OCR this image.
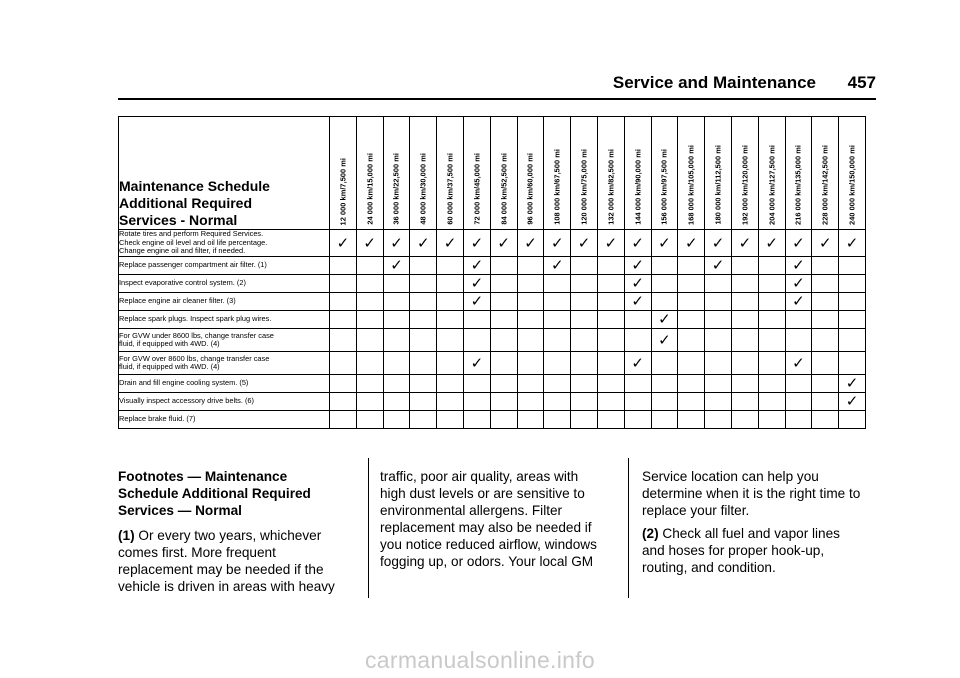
Service and Maintenance	457
Maintenance Schedule
Additional Required
Services - Normal	12 000 km/7,500 mi	24 000 km/15,000 mi	36 000 km/22,500 mi	48 000 km/30,000 mi	60 000 km/37,500 mi	72 000 km/45,000 mi	84 000 km/52,500 mi	96 000 km/60,000 mi	108 000 km/67,500 mi	120 000 km/75,000 mi	132 000 km/82,500 mi	144 000 km/90,000 mi	156 000 km/97,500 mi	168 000 km/105,000 mi	180 000 km/112,500 mi	192 000 km/120,000 mi	204 000 km/127,500 mi	216 000 km/135,000 mi	228 000 km/142,500 mi	240 000 km/150,000 mi

Rotate tires and perform Required Services.
Check engine oil level and oil life percentage.
Change engine oil and filter, if needed.	✓	✓	✓	✓	✓	✓	✓	✓	✓	✓	✓	✓	✓	✓	✓	✓	✓	✓	✓	✓

Replace passenger compartment air filter. (1)			✓			✓			✓			✓			✓			✓		

Inspect evaporative control system. (2)						✓						✓						✓		

Replace engine air cleaner filter. (3)						✓						✓						✓		

Replace spark plugs. Inspect spark plug wires.													✓							

For GVW under 8600 lbs, change transfer case
fluid, if equipped with 4WD. (4)													✓							

For GVW over 8600 lbs, change transfer case
fluid, if equipped with 4WD. (4)						✓						✓						✓		

Drain and fill engine cooling system. (5)																				✓

Visually inspect accessory drive belts. (6)																				✓

Replace brake fluid. (7)																				

Footnotes — Maintenance
Schedule Additional Required
Services — Normal

(1) Or every two years, whichever
comes first. More frequent
replacement may be needed if the
vehicle is driven in areas with heavy

traffic, poor air quality, areas with
high dust levels or are sensitive to
environmental allergens. Filter
replacement may also be needed if
you notice reduced airflow, windows
fogging up, or odors. Your local GM

Service location can help you
determine when it is the right time to
replace your filter.

(2) Check all fuel and vapor lines
and hoses for proper hook-up,
routing, and condition.

carmanualsonline.info
